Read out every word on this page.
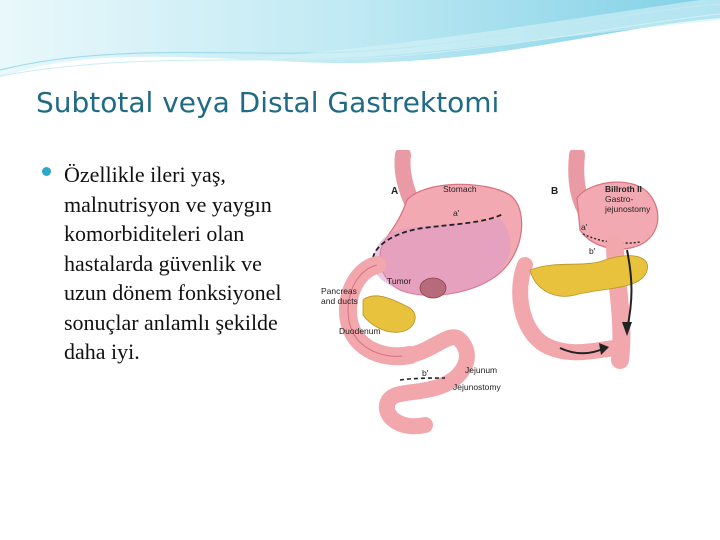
Subtotal veya Distal Gastrektomi
Özellikle ileri yaş, malnutrisyon ve yaygın komorbiditeleri olan hastalarda güvenlik ve uzun dönem fonksiyonel sonuçlar anlamlı şekilde daha iyi.
A	Stomach
a'
Tumor
Pancreas
and ducts
Duodenum
Jejunum
b'
Jejunostomy
B	Billroth II
Gastro-
jejunostomy
a'
b'
